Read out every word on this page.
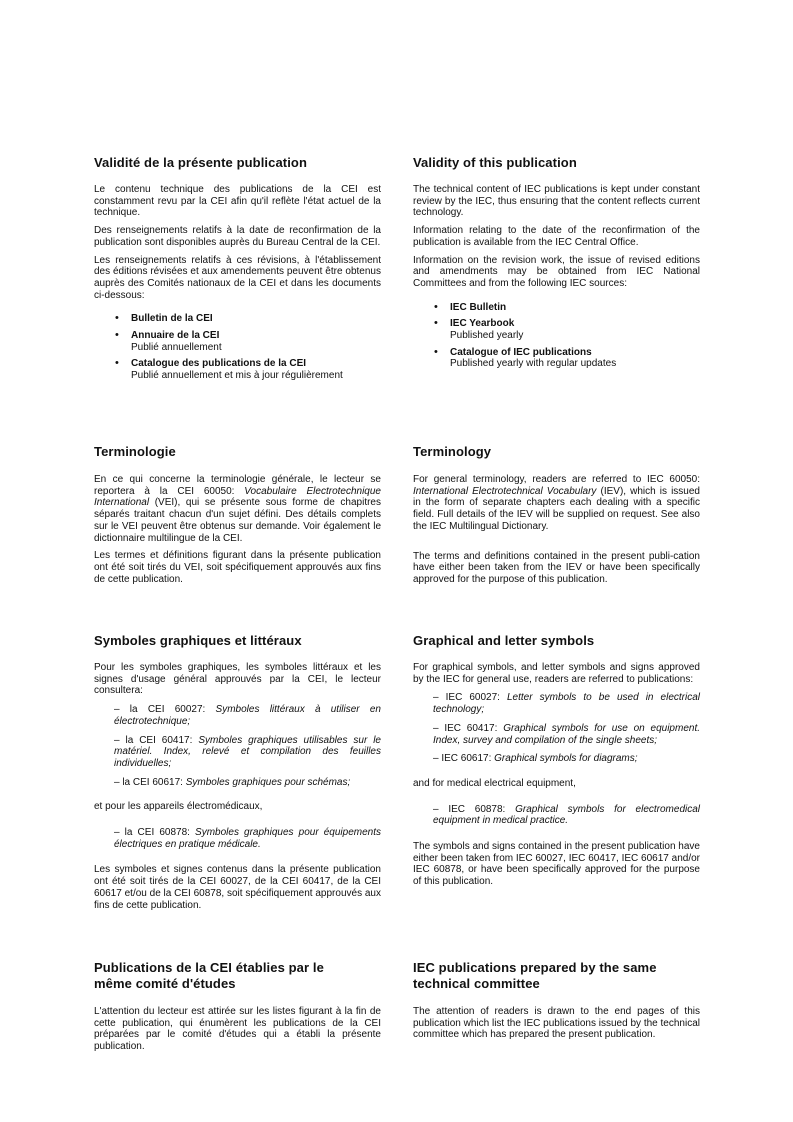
Validité de la présente publication

Le contenu technique des publications de la CEI est constamment revu par la CEI afin qu'il reflète l'état actuel de la technique.

Des renseignements relatifs à la date de reconfirmation de la publication sont disponibles auprès du Bureau Central de la CEI.

Les renseignements relatifs à ces révisions, à l'établissement des éditions révisées et aux amendements peuvent être obtenus auprès des Comités nationaux de la CEI et dans les documents ci-dessous:

• Bulletin de la CEI
• Annuaire de la CEI
Publié annuellement
• Catalogue des publications de la CEI
Publié annuellement et mis à jour régulièrement
Terminologie

En ce qui concerne la terminologie générale, le lecteur se reportera à la CEI 60050: Vocabulaire Electrotechnique International (VEI), qui se présente sous forme de chapitres séparés traitant chacun d'un sujet défini. Des détails complets sur le VEI peuvent être obtenus sur demande. Voir également le dictionnaire multilingue de la CEI.

Les termes et définitions figurant dans la présente publication ont été soit tirés du VEI, soit spécifiquement approuvés aux fins de cette publication.

Symboles graphiques et littéraux

Pour les symboles graphiques, les symboles littéraux et les signes d'usage général approuvés par la CEI, le lecteur consultera:

– la CEI 60027: Symboles littéraux à utiliser en électrotechnique;
– la CEI 60417: Symboles graphiques utilisables sur le matériel. Index, relevé et compilation des feuilles individuelles;
– la CEI 60617: Symboles graphiques pour schémas;

et pour les appareils électromédicaux,

– la CEI 60878: Symboles graphiques pour équipements électriques en pratique médicale.

Les symboles et signes contenus dans la présente publication ont été soit tirés de la CEI 60027, de la CEI 60417, de la CEI 60617 et/ou de la CEI 60878, soit spécifiquement approuvés aux fins de cette publication.

Publications de la CEI établies par le
même comité d'études

L'attention du lecteur est attirée sur les listes figurant à la fin de cette publication, qui énumèrent les publications de la CEI préparées par le comité d'études qui a établi la présente publication.

Validity of this publication

The technical content of IEC publications is kept under constant review by the IEC, thus ensuring that the content reflects current technology.

Information relating to the date of the reconfirmation of the publication is available from the IEC Central Office.

Information on the revision work, the issue of revised editions and amendments may be obtained from IEC National Committees and from the following IEC sources:

• IEC Bulletin
• IEC Yearbook
Published yearly
• Catalogue of IEC publications
Published yearly with regular updates
Terminology

For general terminology, readers are referred to IEC 60050: International Electrotechnical Vocabulary (IEV), which is issued in the form of separate chapters each dealing with a specific field. Full details of the IEV will be supplied on request. See also the IEC Multilingual Dictionary.

The terms and definitions contained in the present publi-cation have either been taken from the IEV or have been specifically approved for the purpose of this publication.

Graphical and letter symbols

For graphical symbols, and letter symbols and signs approved by the IEC for general use, readers are referred to publications:

– IEC 60027: Letter symbols to be used in electrical technology;
– IEC 60417: Graphical symbols for use on equipment. Index, survey and compilation of the single sheets;
– IEC 60617: Graphical symbols for diagrams;

and for medical electrical equipment,

– IEC 60878: Graphical symbols for electromedical equipment in medical practice.

The symbols and signs contained in the present publication have either been taken from IEC 60027, IEC 60417, IEC 60617 and/or IEC 60878, or have been specifically approved for the purpose of this publication.

IEC publications prepared by the same
technical committee

The attention of readers is drawn to the end pages of this publication which list the IEC publications issued by the technical committee which has prepared the present publication.
